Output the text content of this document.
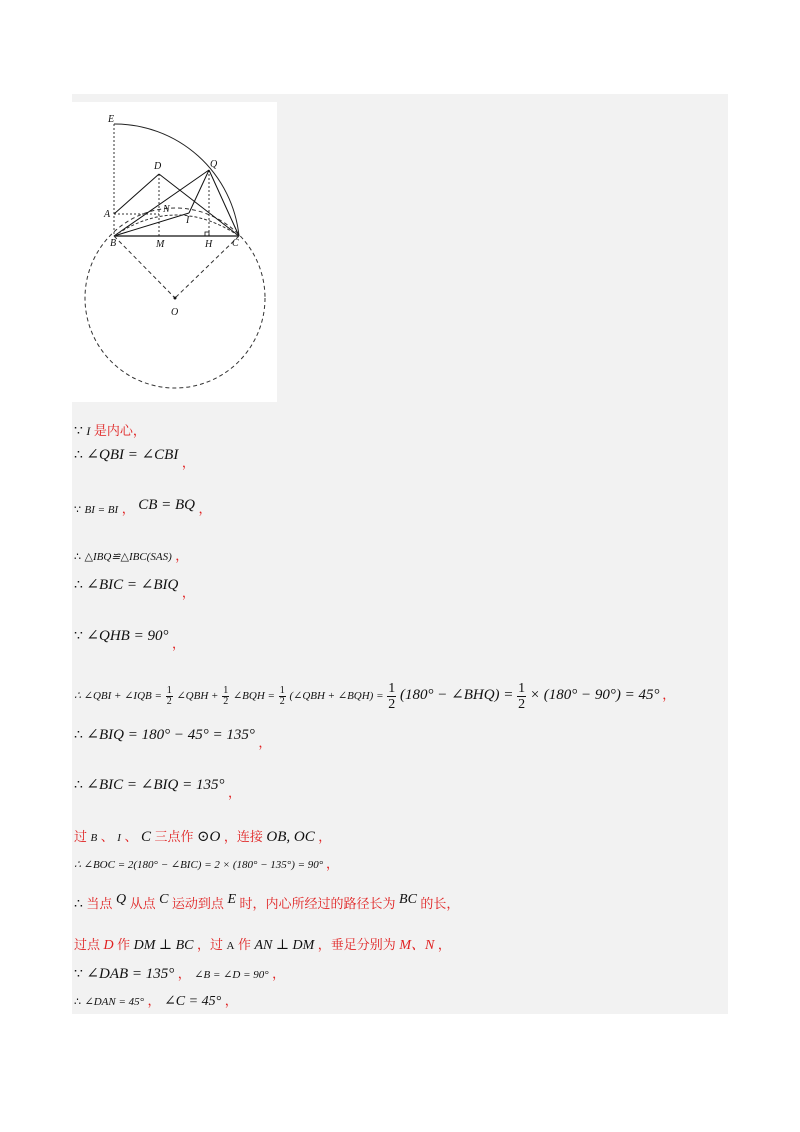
E
D	Q
A	N
I
B	M	H C
O
∵ I 是内心，
∴ ∠QBI = ∠CBI ，
∵ BI = BI ， CB = BQ ，
∴ △IBQ≌△IBC(SAS) ，
∴ ∠BIC = ∠BIQ ，
∵ ∠QHB = 90° ，
∴ ∠QBI + ∠IQB = $\frac{1}{2}$ ∠QBH + $\frac{1}{2}$ ∠BQH = $\frac{1}{2}$ (∠QBH + ∠BQH) = $\frac{1}{2} (180^\circ$ − ∠BHQ) = $\frac{1}{2} \times (180^\circ - 90^\circ) = 45^\circ$ ，
∴ ∠BIQ = 180° − 45° = 135° ，
∴ ∠BIC = ∠BIQ = 135° ，
过 B 、 I 、 C 三点作 ⊙O ，连接 OB, OC ，
∴ ∠BOC = 2(180° − ∠BIC) = 2 × (180° − 135°) = 90° ，
∴ 当点 Q 从点 C 运动到点 E 时，内心所经过的路径长为 BC 的长，
过点 D 作 DM ⊥ BC ，过 A 作 AN ⊥ DM ，垂足分别为 M、N ，
∵ ∠DAB = 135° ， ∠B = ∠D = 90° ，
∴ ∠DAN = 45° ， ∠C = 45° ，
